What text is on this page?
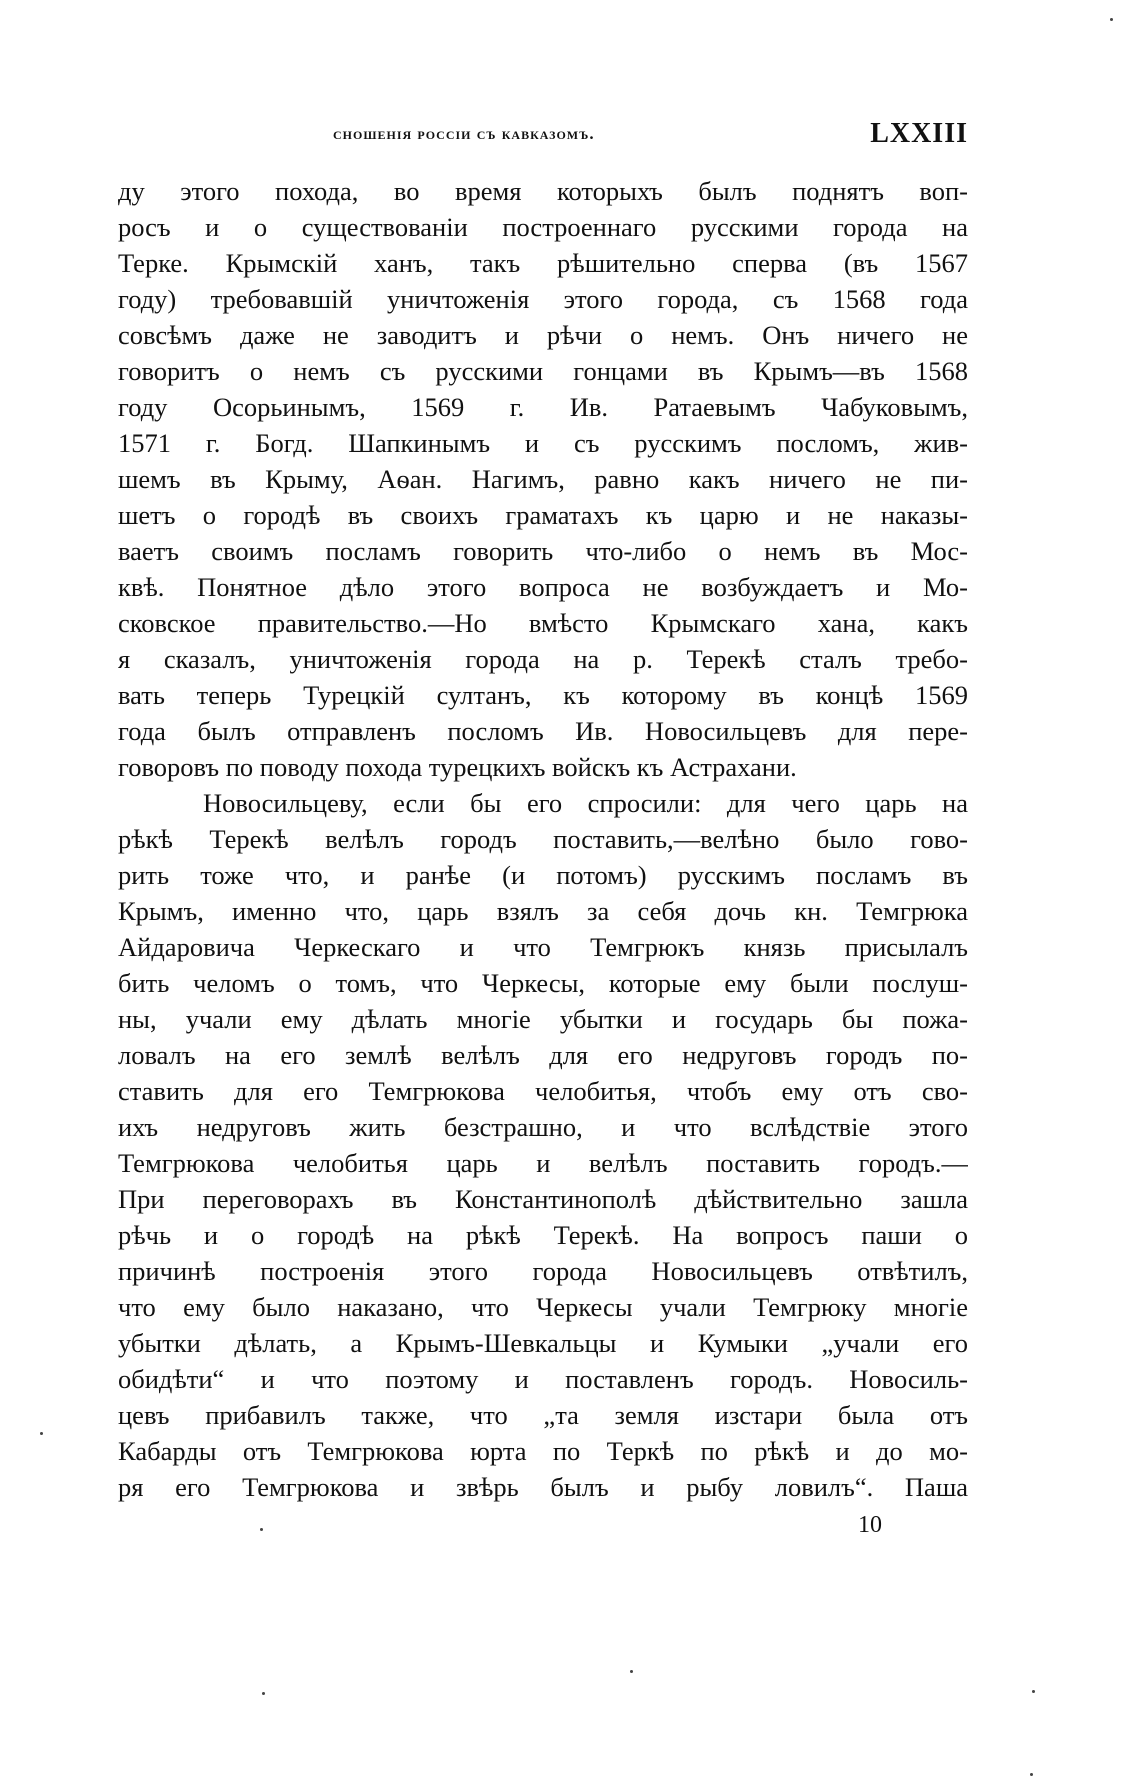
сношенія россіи съ кавказомъ.	LXXIII
ду этого похода, во время которыхъ былъ поднятъ воп-
росъ и о существованіи построеннаго русскими города на
Терке. Крымскій ханъ, такъ рѣшительно сперва (въ 1567
году) требовавшій уничтоженія этого города, съ 1568 года
совсѣмъ даже не заводитъ и рѣчи о немъ. Онъ ничего не
говоритъ о немъ съ русскими гонцами въ Крымъ—въ 1568
году Осорьинымъ, 1569 г. Ив. Ратаевымъ Чабуковымъ,
1571 г. Богд. Шапкинымъ и съ русскимъ посломъ, жив-
шемъ въ Крыму, Аѳан. Нагимъ, равно какъ ничего не пи-
шетъ о городѣ въ своихъ граматахъ къ царю и не наказы-
ваетъ своимъ посламъ говорить что-либо о немъ въ Мос-
квѣ. Понятное дѣло этого вопроса не возбуждаетъ и Мо-
сковское правительство.—Но вмѣсто Крымскаго хана, какъ
я сказалъ, уничтоженія города на р. Терекѣ сталъ требо-
вать теперь Турецкій султанъ, къ которому въ концѣ 1569
года былъ отправленъ посломъ Ив. Новосильцевъ для пере-
говоровъ по поводу похода турецкихъ войскъ къ Астрахани.
Новосильцеву, если бы его спросили: для чего царь на
рѣкѣ Терекѣ велѣлъ городъ поставить,—велѣно было гово-
рить тоже что, и ранѣе (и потомъ) русскимъ посламъ въ
Крымъ, именно что, царь взялъ за себя дочь кн. Темгрюка
Айдаровича Черкескаго и что Темгрюкъ князь присылалъ
бить челомъ о томъ, что Черкесы, которые ему были послуш-
ны, учали ему дѣлать многіе убытки и государь бы пожа-
ловалъ на его землѣ велѣлъ для его недруговъ городъ по-
ставить для его Темгрюкова челобитья, чтобъ ему отъ сво-
ихъ недруговъ жить безстрашно, и что вслѣдствіе этого
Темгрюкова челобитья царь и велѣлъ поставить городъ.—
При переговорахъ въ Константинополѣ дѣйствительно зашла
рѣчь и о городѣ на рѣкѣ Терекѣ. На вопросъ паши о
причинѣ построенія этого города Новосильцевъ отвѣтилъ,
что ему было наказано, что Черкесы учали Темгрюку многіе
убытки дѣлать, а Крымъ-Шевкальцы и Кумыки „учали его
обидѣти“ и что поэтому и поставленъ городъ. Новосиль-
цевъ прибавилъ также, что „та земля изстари была отъ
Кабарды отъ Темгрюкова юрта по Теркѣ по рѣкѣ и до мо-
ря его Темгрюкова и звѣрь былъ и рыбу ловилъ“. Паша
10
